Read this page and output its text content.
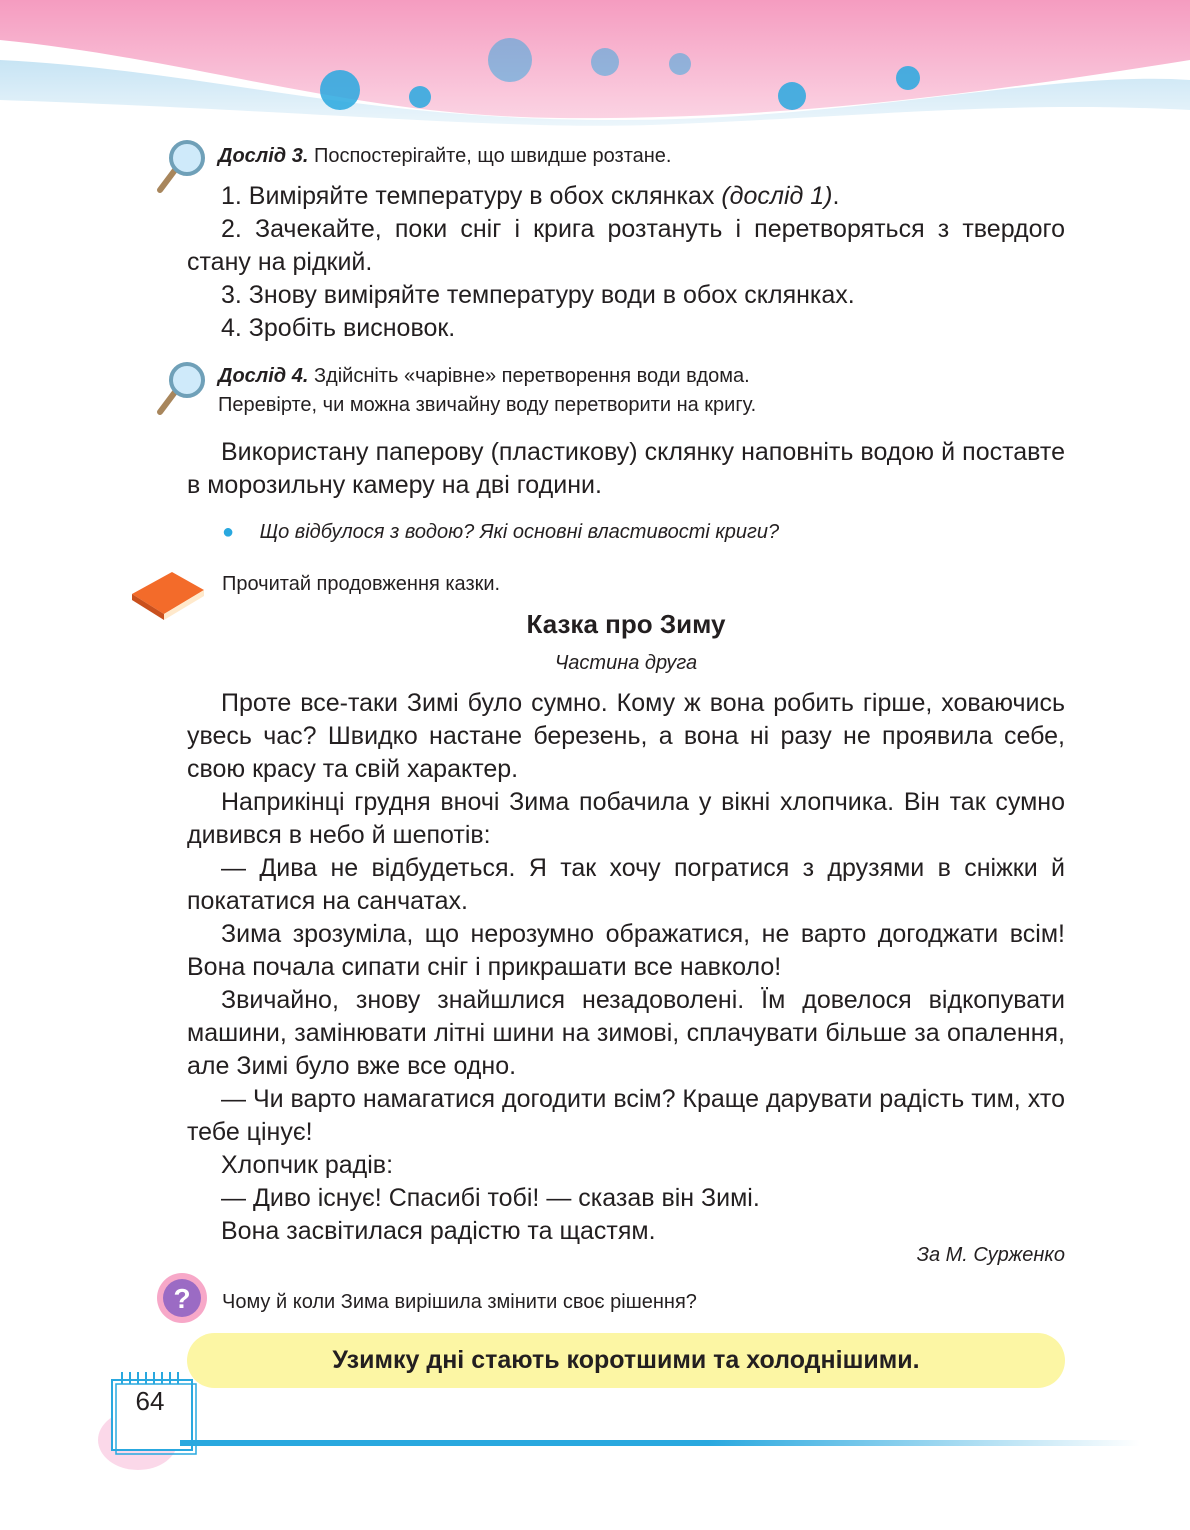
Дослід 3. Поспостерігайте, що швидше розтане.

1. Виміряйте температуру в обох склянках (дослід 1).

2. Зачекайте, поки сніг і крига розтануть і перетворяться з твердого стану на рідкий.

3. Знову виміряйте температуру води в обох склянках.

4. Зробіть висновок.

Дослід 4. Здійсніть «чарівне» перетворення води вдома.
Перевірте, чи можна звичайну воду перетворити на кригу.

Використану паперову (пластикову) склянку наповніть водою й поставте в морозильну камеру на дві години.

● Що відбулося з водою? Які основні властивості криги?
Прочитай продовження казки.
Казка про Зиму
Частина друга

Проте все-таки Зимі було сумно. Кому ж вона робить гірше, ховаючись увесь час? Швидко настане березень, а вона ні разу не проявила себе, свою красу та свій характер.

Наприкінці грудня вночі Зима побачила у вікні хлопчика. Він так сумно дивився в небо й шепотів:

— Дива не відбудеться. Я так хочу погратися з друзями в сніжки й покататися на санчатах.

Зима зрозуміла, що нерозумно ображатися, не варто догоджати всім! Вона почала сипати сніг і прикрашати все навколо!

Звичайно, знову знайшлися незадоволені. Їм довелося відкопувати машини, замінювати літні шини на зимові, сплачувати більше за опалення, але Зимі було вже все одно.

— Чи варто намагатися догодити всім? Краще дарувати радість тим, хто тебе цінує!

Хлопчик радів:

— Диво існує! Спасибі тобі! — сказав він Зимі.

Вона засвітилася радістю та щастям.

За М. Сурженко
? Чому й коли Зима вирішила змінити своє рішення?
Узимку дні стають коротшими та холоднішими.
64
